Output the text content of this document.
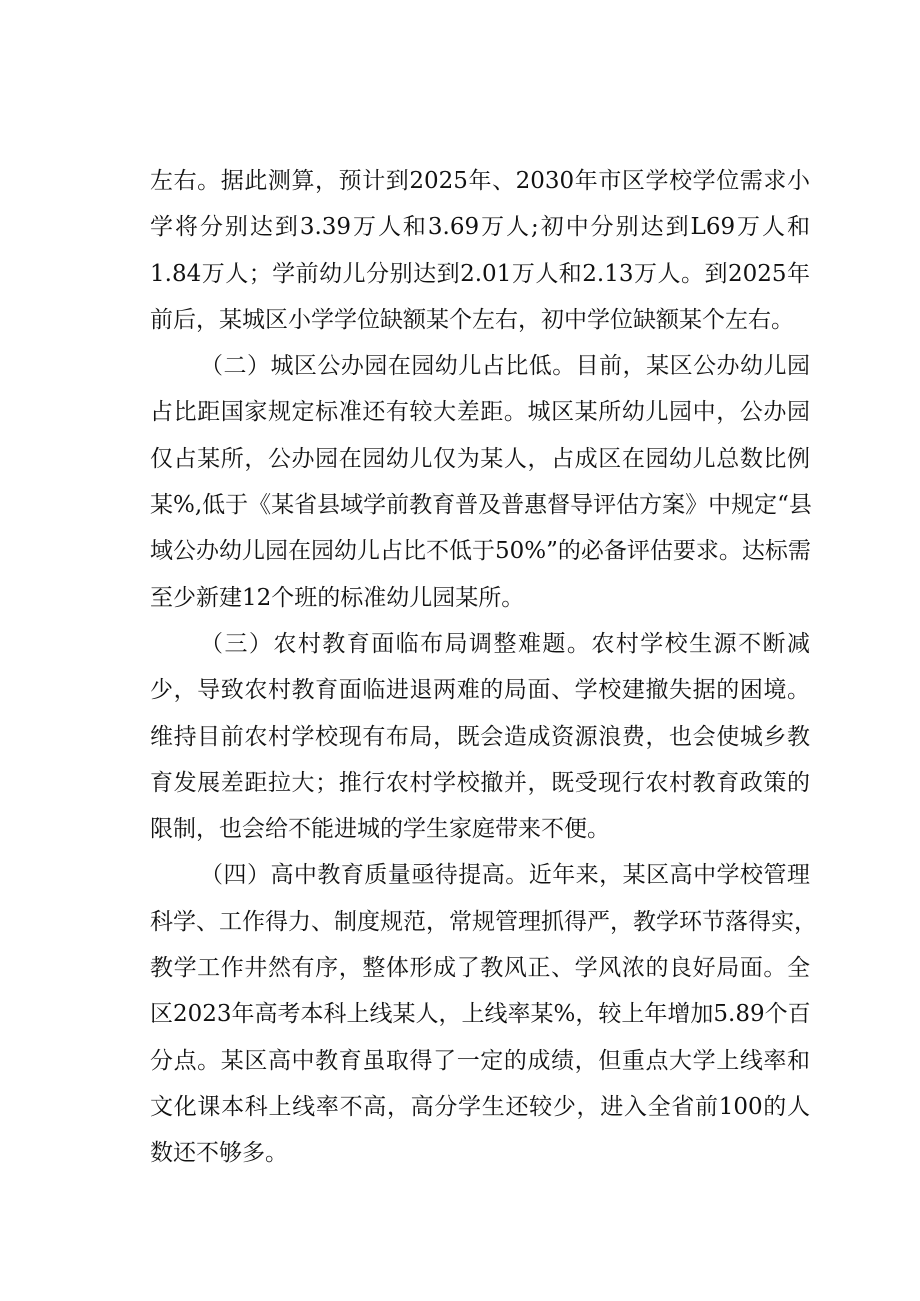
左右。据此测算，预计到2025年、2030年市区学校学位需求小
学将分别达到3.39万人和3.69万人;初中分别达到L69万人和
1.84万人；学前幼儿分别达到2.01万人和2.13万人。到2025年
前后，某城区小学学位缺额某个左右，初中学位缺额某个左右。
（二）城区公办园在园幼儿占比低。目前，某区公办幼儿园
占比距国家规定标准还有较大差距。城区某所幼儿园中，公办园
仅占某所，公办园在园幼儿仅为某人，占成区在园幼儿总数比例
某%,低于《某省县域学前教育普及普惠督导评估方案》中规定“县
域公办幼儿园在园幼儿占比不低于50%”的必备评估要求。达标需
至少新建12个班的标准幼儿园某所。
（三）农村教育面临布局调整难题。农村学校生源不断减
少，导致农村教育面临进退两难的局面、学校建撤失据的困境。
维持目前农村学校现有布局，既会造成资源浪费，也会使城乡教
育发展差距拉大；推行农村学校撤并，既受现行农村教育政策的
限制，也会给不能进城的学生家庭带来不便。
（四）高中教育质量亟待提高。近年来，某区高中学校管理
科学、工作得力、制度规范，常规管理抓得严，教学环节落得实，
教学工作井然有序，整体形成了教风正、学风浓的良好局面。全
区2023年高考本科上线某人，上线率某%，较上年增加5.89个百
分点。某区高中教育虽取得了一定的成绩，但重点大学上线率和
文化课本科上线率不高，高分学生还较少，进入全省前100的人
数还不够多。
